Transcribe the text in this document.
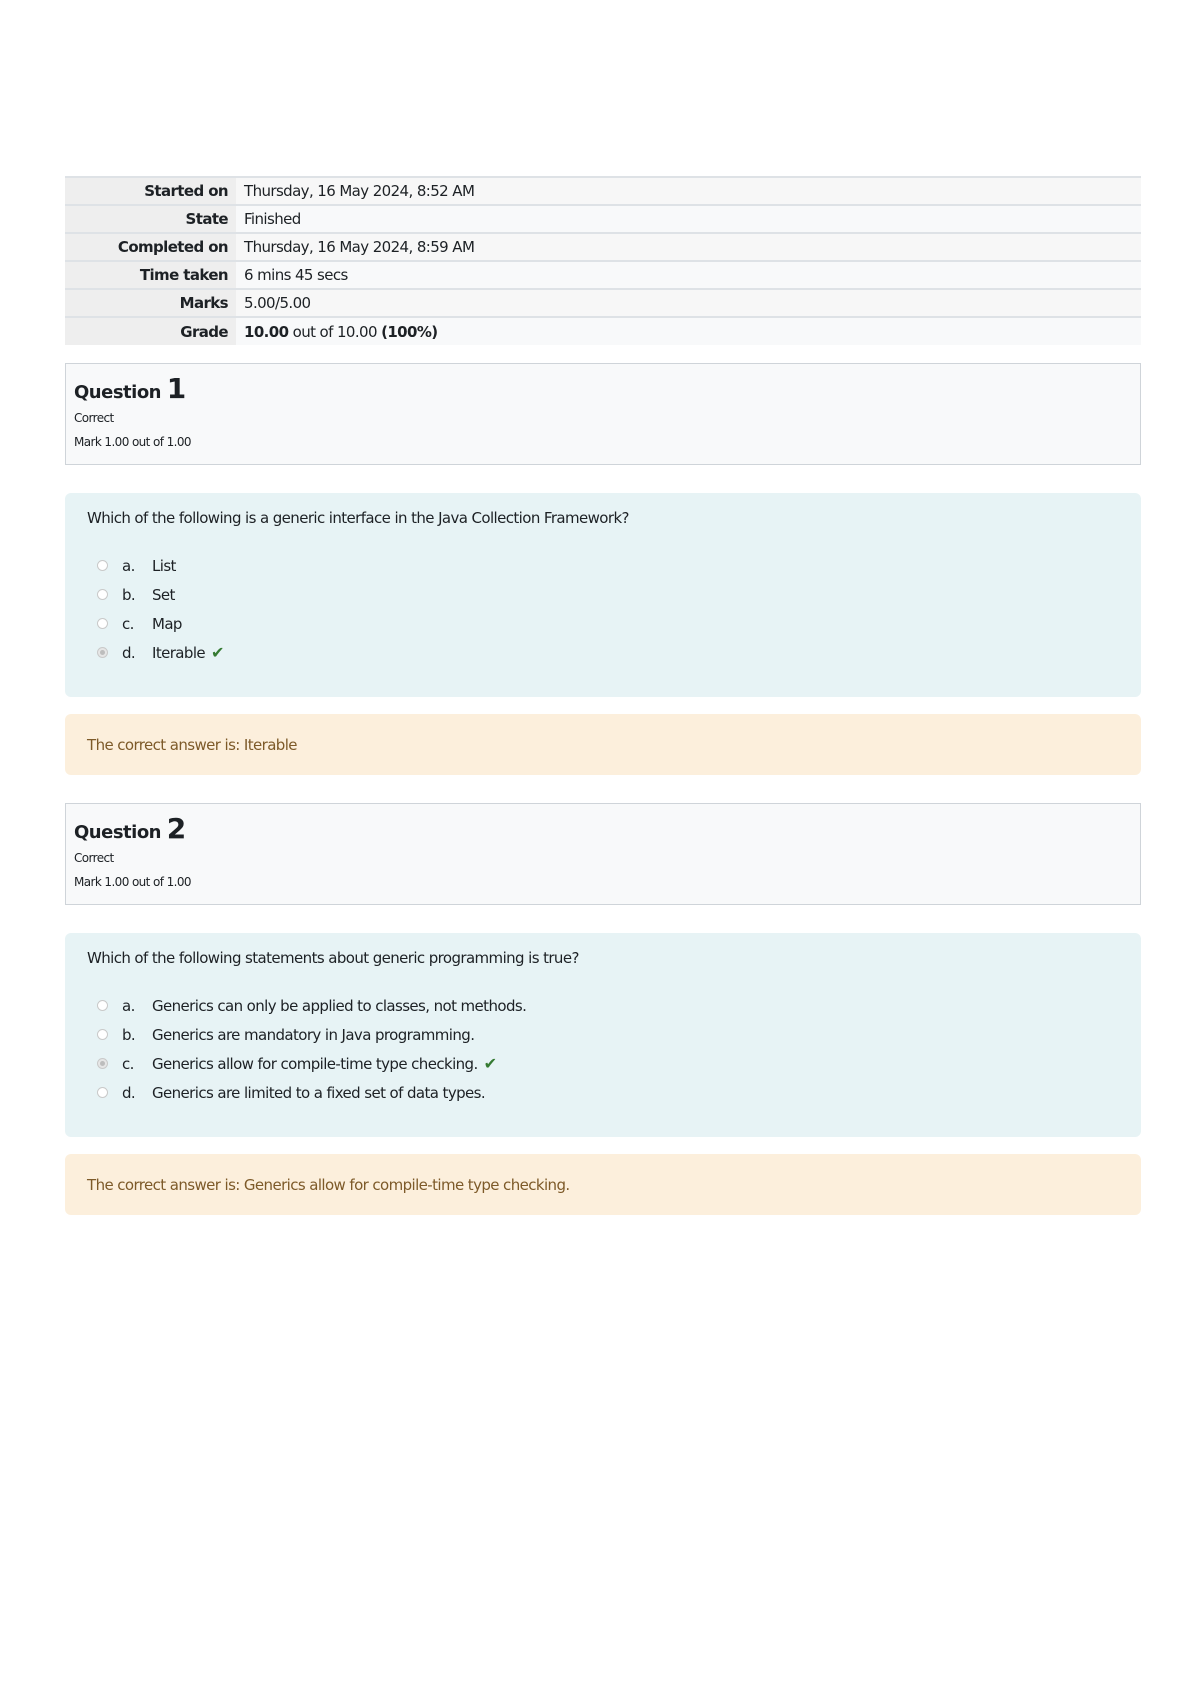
Started on	Thursday, 16 May 2024, 8:52 AM
State	Finished
Completed on	Thursday, 16 May 2024, 8:59 AM
Time taken	6 mins 45 secs
Marks	5.00/5.00
Grade	10.00 out of 10.00 (100%)
Question 1
Correct
Mark 1.00 out of 1.00
Which of the following is a generic interface in the Java Collection Framework?
a.	List
b.	Set
c.	Map
d.	Iterable ✔
The correct answer is: Iterable
Question 2
Correct
Mark 1.00 out of 1.00
Which of the following statements about generic programming is true?
a.	Generics can only be applied to classes, not methods.
b.	Generics are mandatory in Java programming.
c.	Generics allow for compile-time type checking. ✔
d.	Generics are limited to a fixed set of data types.
The correct answer is: Generics allow for compile-time type checking.
